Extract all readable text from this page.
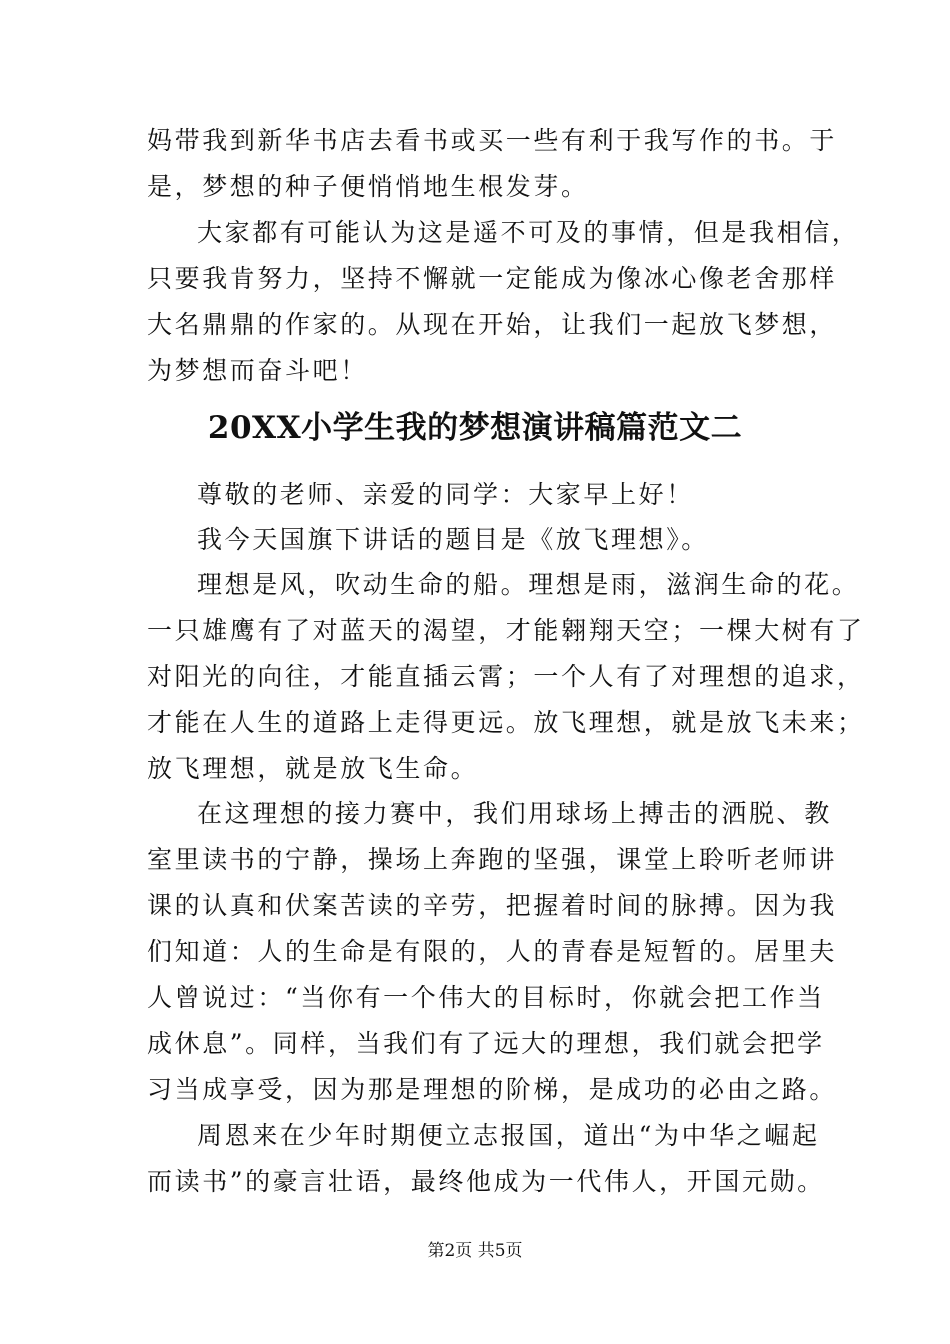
妈带我到新华书店去看书或买一些有利于我写作的书。于
是，梦想的种子便悄悄地生根发芽。
大家都有可能认为这是遥不可及的事情，但是我相信，
只要我肯努力，坚持不懈就一定能成为像冰心像老舍那样
大名鼎鼎的作家的。从现在开始，让我们一起放飞梦想，
为梦想而奋斗吧！
20XX小学生我的梦想演讲稿篇范文二
尊敬的老师、亲爱的同学：大家早上好！
我今天国旗下讲话的题目是《放飞理想》。
理想是风，吹动生命的船。理想是雨，滋润生命的花。
一只雄鹰有了对蓝天的渴望，才能翱翔天空；一棵大树有了
对阳光的向往，才能直插云霄；一个人有了对理想的追求，
才能在人生的道路上走得更远。放飞理想，就是放飞未来；
放飞理想，就是放飞生命。
在这理想的接力赛中，我们用球场上搏击的洒脱、教
室里读书的宁静，操场上奔跑的坚强，课堂上聆听老师讲
课的认真和伏案苦读的辛劳，把握着时间的脉搏。因为我
们知道：人的生命是有限的，人的青春是短暂的。居里夫
人曾说过：“当你有一个伟大的目标时，你就会把工作当
成休息”。同样，当我们有了远大的理想，我们就会把学
习当成享受，因为那是理想的阶梯，是成功的必由之路。
周恩来在少年时期便立志报国，道出“为中华之崛起
而读书”的豪言壮语，最终他成为一代伟人，开国元勋。
第2页 共5页
